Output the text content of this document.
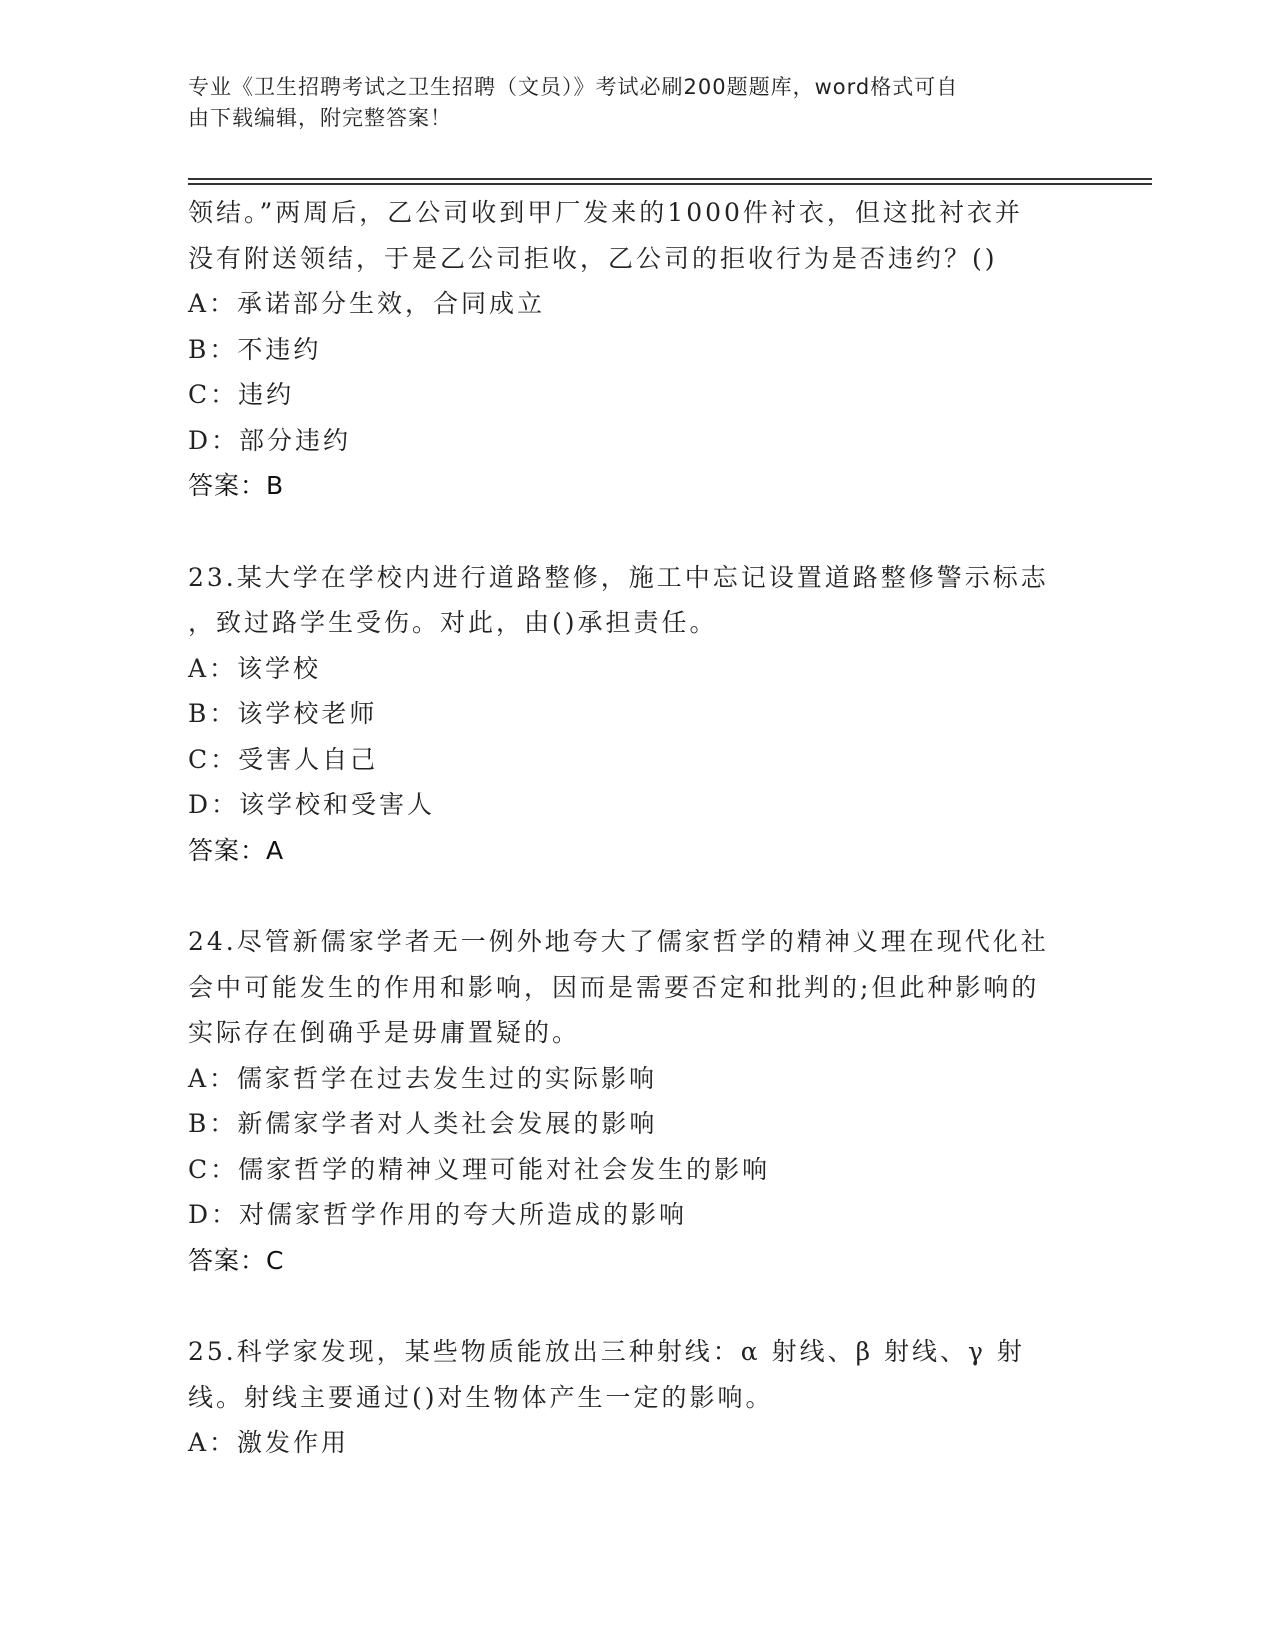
专业《卫生招聘考试之卫生招聘（文员）》考试必刷200题题库，word格式可自
由下载编辑，附完整答案！
领结。”两周后，乙公司收到甲厂发来的1000件衬衣，但这批衬衣并
没有附送领结，于是乙公司拒收，乙公司的拒收行为是否违约？()
A：承诺部分生效，合同成立
B：不违约
C：违约
D：部分违约
答案：B
23.某大学在学校内进行道路整修，施工中忘记设置道路整修警示标志
，致过路学生受伤。对此，由()承担责任。
A：该学校
B：该学校老师
C：受害人自己
D：该学校和受害人
答案：A
24.尽管新儒家学者无一例外地夸大了儒家哲学的精神义理在现代化社
会中可能发生的作用和影响，因而是需要否定和批判的;但此种影响的
实际存在倒确乎是毋庸置疑的。
A：儒家哲学在过去发生过的实际影响
B：新儒家学者对人类社会发展的影响
C：儒家哲学的精神义理可能对社会发生的影响
D：对儒家哲学作用的夸大所造成的影响
答案：C
25.科学家发现，某些物质能放出三种射线：α 射线、β 射线、γ 射
线。射线主要通过()对生物体产生一定的影响。
A：激发作用
